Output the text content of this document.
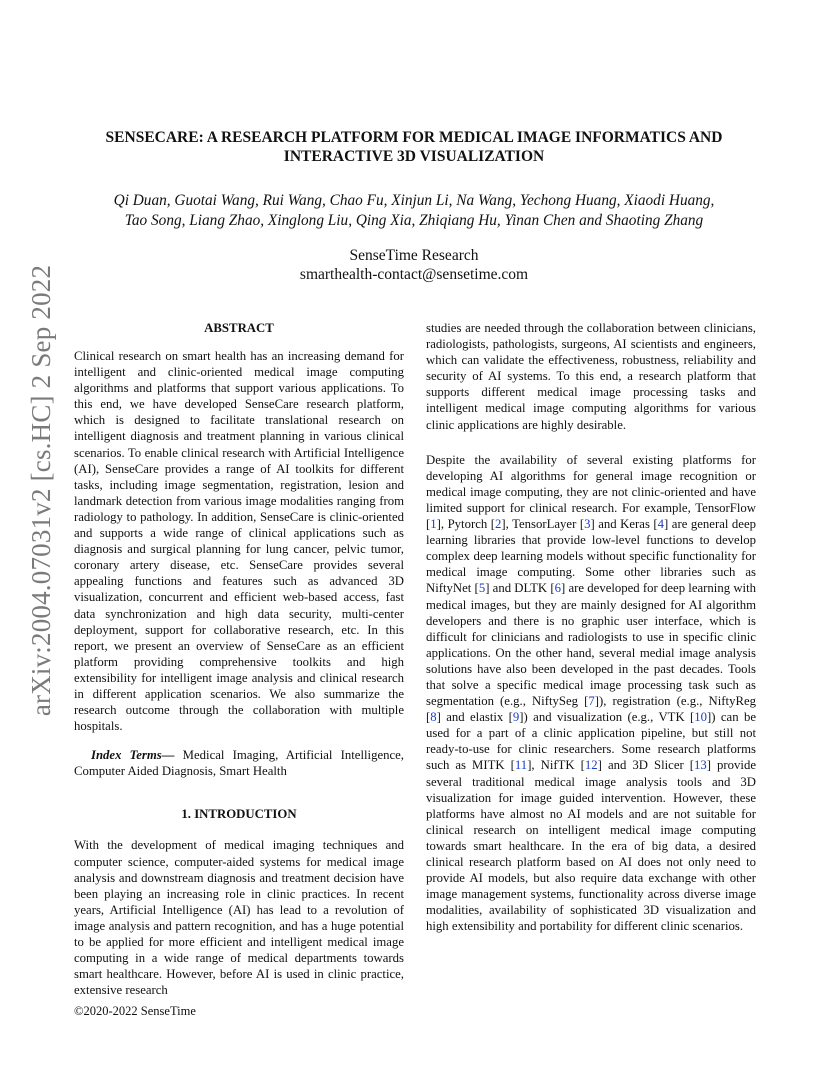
arXiv:2004.07031v2 [cs.HC] 2 Sep 2022
SENSECARE: A RESEARCH PLATFORM FOR MEDICAL IMAGE INFORMATICS AND
INTERACTIVE 3D VISUALIZATION
Qi Duan, Guotai Wang, Rui Wang, Chao Fu, Xinjun Li, Na Wang, Yechong Huang, Xiaodi Huang,
Tao Song, Liang Zhao, Xinglong Liu, Qing Xia, Zhiqiang Hu, Yinan Chen and Shaoting Zhang
SenseTime Research
smarthealth-contact@sensetime.com
ABSTRACT

Clinical research on smart health has an increasing demand for intelligent and clinic-oriented medical image computing algorithms and platforms that support various applications. To this end, we have developed SenseCare research platform, which is designed to facilitate translational research on intelligent diagnosis and treatment planning in various clinical scenarios. To enable clinical research with Artificial Intelligence (AI), SenseCare provides a range of AI toolkits for different tasks, including image segmentation, registration, lesion and landmark detection from various image modalities ranging from radiology to pathology. In addition, SenseCare is clinic-oriented and supports a wide range of clinical applications such as diagnosis and surgical planning for lung cancer, pelvic tumor, coronary artery disease, etc. SenseCare provides several appealing functions and features such as advanced 3D visualization, concurrent and efficient web-based access, fast data synchronization and high data security, multi-center deployment, support for collaborative research, etc. In this report, we present an overview of SenseCare as an efficient platform providing comprehensive toolkits and high extensibility for intelligent image analysis and clinical research in different application scenarios. We also summarize the research outcome through the collaboration with multiple hospitals.

Index Terms— Medical Imaging, Artificial Intelligence, Computer Aided Diagnosis, Smart Health

1. INTRODUCTION

With the development of medical imaging techniques and computer science, computer-aided systems for medical image analysis and downstream diagnosis and treatment decision have been playing an increasing role in clinic practices. In recent years, Artificial Intelligence (AI) has lead to a revolution of image analysis and pattern recognition, and has a huge potential to be applied for more efficient and intelligent medical image computing in a wide range of medical departments towards smart healthcare. However, before AI is used in clinic practice, extensive research

studies are needed through the collaboration between clinicians, radiologists, pathologists, surgeons, AI scientists and engineers, which can validate the effectiveness, robustness, reliability and security of AI systems. To this end, a research platform that supports different medical image processing tasks and intelligent medical image computing algorithms for various clinic applications are highly desirable.

Despite the availability of several existing platforms for developing AI algorithms for general image recognition or medical image computing, they are not clinic-oriented and have limited support for clinical research. For example, TensorFlow [1], Pytorch [2], TensorLayer [3] and Keras [4] are general deep learning libraries that provide low-level functions to develop complex deep learning models without specific functionality for medical image computing. Some other libraries such as NiftyNet [5] and DLTK [6] are developed for deep learning with medical images, but they are mainly designed for AI algorithm developers and there is no graphic user interface, which is difficult for clinicians and radiologists to use in specific clinic applications. On the other hand, several medial image analysis solutions have also been developed in the past decades. Tools that solve a specific medical image processing task such as segmentation (e.g., NiftySeg [7]), registration (e.g., NiftyReg [8] and elastix [9]) and visualization (e.g., VTK [10]) can be used for a part of a clinic application pipeline, but still not ready-to-use for clinic researchers. Some research platforms such as MITK [11], NifTK [12] and 3D Slicer [13] provide several traditional medical image analysis tools and 3D visualization for image guided intervention. However, these platforms have almost no AI models and are not suitable for clinical research on intelligent medical image computing towards smart healthcare. In the era of big data, a desired clinical research platform based on AI does not only need to provide AI models, but also require data exchange with other image management systems, functionality across diverse image modalities, availability of sophisticated 3D visualization and high extensibility and portability for different clinic scenarios.

©2020-2022 SenseTime
